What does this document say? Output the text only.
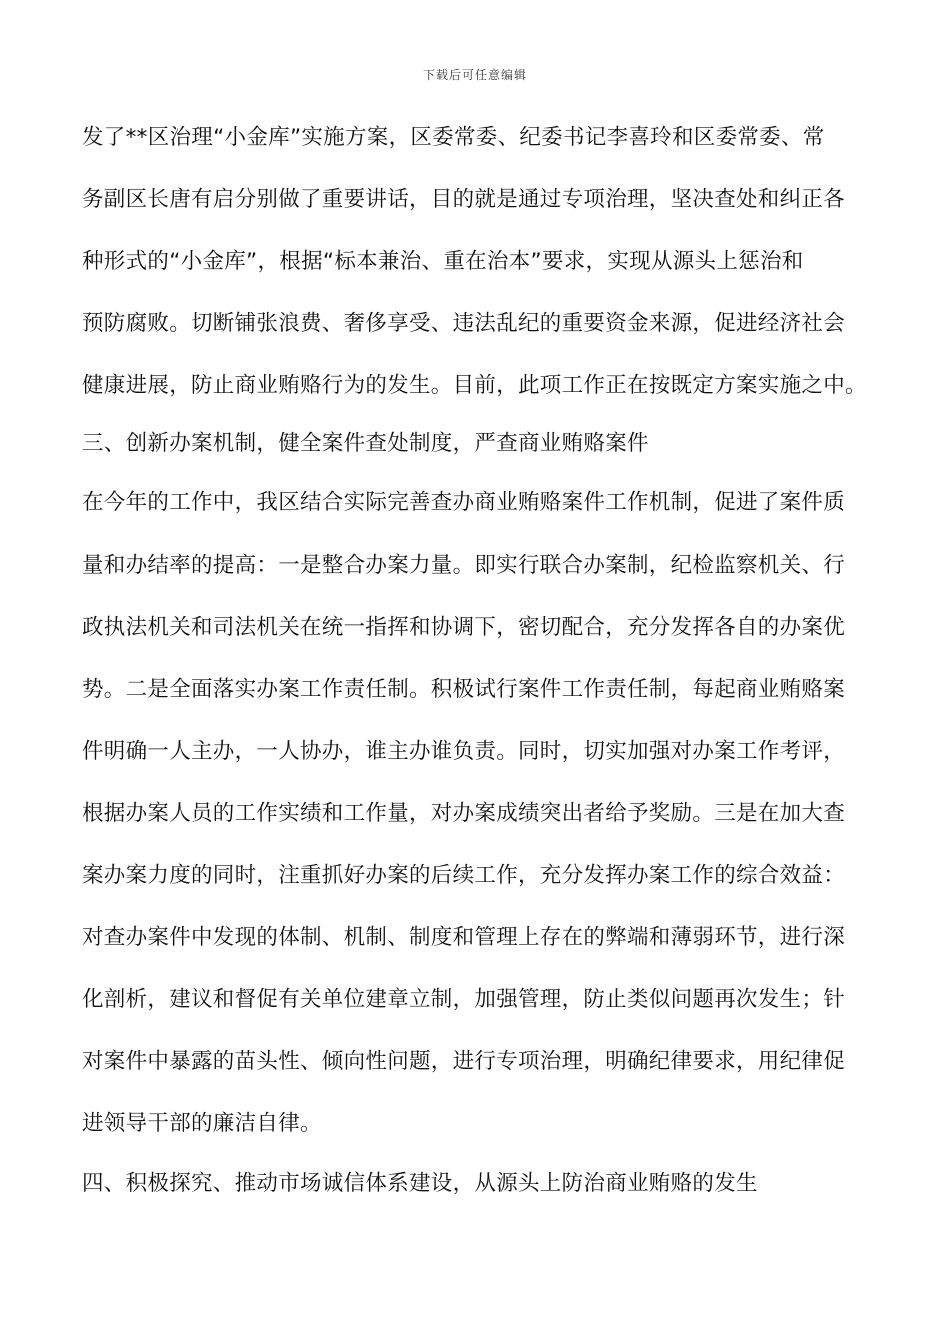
下载后可任意编辑
发了**区治理“小金库”实施方案，区委常委、纪委书记李喜玲和区委常委、常
务副区长唐有启分别做了重要讲话，目的就是通过专项治理，坚决查处和纠正各
种形式的“小金库”，根据“标本兼治、重在治本”要求，实现从源头上惩治和
预防腐败。切断铺张浪费、奢侈享受、违法乱纪的重要资金来源，促进经济社会
健康进展，防止商业贿赂行为的发生。目前，此项工作正在按既定方案实施之中。
三、创新办案机制，健全案件查处制度，严查商业贿赂案件
在今年的工作中，我区结合实际完善查办商业贿赂案件工作机制，促进了案件质
量和办结率的提高：一是整合办案力量。即实行联合办案制，纪检监察机关、行
政执法机关和司法机关在统一指挥和协调下，密切配合，充分发挥各自的办案优
势。二是全面落实办案工作责任制。积极试行案件工作责任制，每起商业贿赂案
件明确一人主办，一人协办，谁主办谁负责。同时，切实加强对办案工作考评，
根据办案人员的工作实绩和工作量，对办案成绩突出者给予奖励。三是在加大查
案办案力度的同时，注重抓好办案的后续工作，充分发挥办案工作的综合效益：
对查办案件中发现的体制、机制、制度和管理上存在的弊端和薄弱环节，进行深
化剖析，建议和督促有关单位建章立制，加强管理，防止类似问题再次发生；针
对案件中暴露的苗头性、倾向性问题，进行专项治理，明确纪律要求，用纪律促
进领导干部的廉洁自律。
四、积极探究、推动市场诚信体系建设，从源头上防治商业贿赂的发生
